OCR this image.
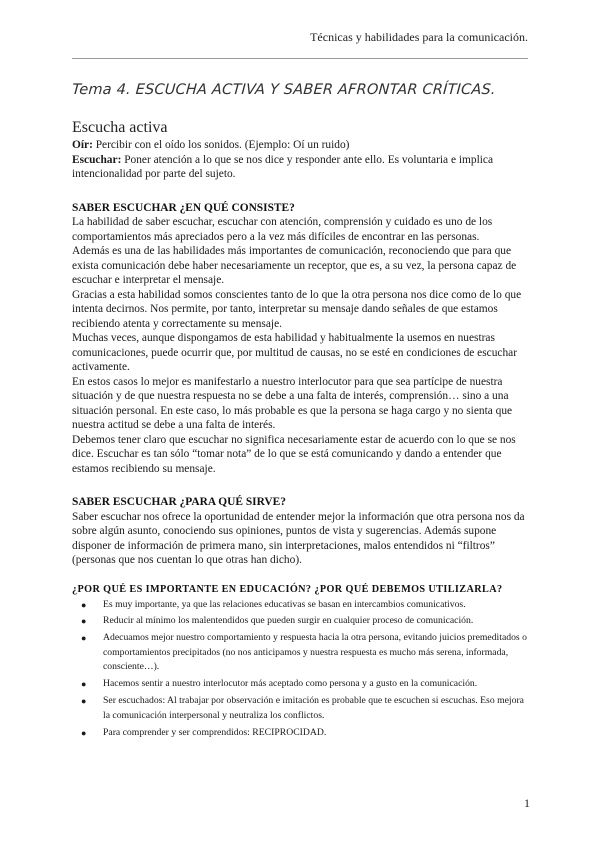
Técnicas y habilidades para la comunicación.
Tema 4. ESCUCHA ACTIVA Y SABER AFRONTAR CRÍTICAS.
Escucha activa
Oír: Percibir con el oído los sonidos. (Ejemplo: Oí un ruido)
Escuchar: Poner atención a lo que se nos dice y responder ante ello. Es voluntaria e implica intencionalidad por parte del sujeto.
SABER ESCUCHAR ¿EN QUÉ CONSISTE?
La habilidad de saber escuchar, escuchar con atención, comprensión y cuidado es uno de los comportamientos más apreciados pero a la vez más difíciles de encontrar en las personas.
Además es una de las habilidades más importantes de comunicación, reconociendo que para que exista comunicación debe haber necesariamente un receptor, que es, a su vez, la persona capaz de escuchar e interpretar el mensaje.
Gracias a esta habilidad somos conscientes tanto de lo que la otra persona nos dice como de lo que intenta decirnos. Nos permite, por tanto, interpretar su mensaje dando señales de que estamos recibiendo atenta y correctamente su mensaje.
Muchas veces, aunque dispongamos de esta habilidad y habitualmente la usemos en nuestras comunicaciones, puede ocurrir que, por multitud de causas, no se esté en condiciones de escuchar activamente.
En estos casos lo mejor es manifestarlo a nuestro interlocutor para que sea partícipe de nuestra situación y de que nuestra respuesta no se debe a una falta de interés, comprensión… sino a una situación personal. En este caso, lo más probable es que la persona se haga cargo y no sienta que nuestra actitud se debe a una falta de interés.
Debemos tener claro que escuchar no significa necesariamente estar de acuerdo con lo que se nos dice. Escuchar es tan sólo “tomar nota” de lo que se está comunicando y dando a entender que estamos recibiendo su mensaje.
SABER ESCUCHAR ¿PARA QUÉ SIRVE?
Saber escuchar nos ofrece la oportunidad de entender mejor la información que otra persona nos da sobre algún asunto, conociendo sus opiniones, puntos de vista y sugerencias. Además supone disponer de información de primera mano, sin interpretaciones, malos entendidos ni “filtros” (personas que nos cuentan lo que otras han dicho).
¿POR QUÉ ES IMPORTANTE EN EDUCACIÓN? ¿POR QUÉ DEBEMOS UTILIZARLA?
● Es muy importante, ya que las relaciones educativas se basan en intercambios comunicativos.
● Reducir al mínimo los malentendidos que pueden surgir en cualquier proceso de comunicación.
● Adecuamos mejor nuestro comportamiento y respuesta hacia la otra persona, evitando juicios premeditados o comportamientos precipitados (no nos anticipamos y nuestra respuesta es mucho más serena, informada, consciente…).
● Hacemos sentir a nuestro interlocutor más aceptado como persona y a gusto en la comunicación.
● Ser escuchados: Al trabajar por observación e imitación es probable que te escuchen si escuchas. Eso mejora la comunicación interpersonal y neutraliza los conflictos.
● Para comprender y ser comprendidos: RECIPROCIDAD.
1
